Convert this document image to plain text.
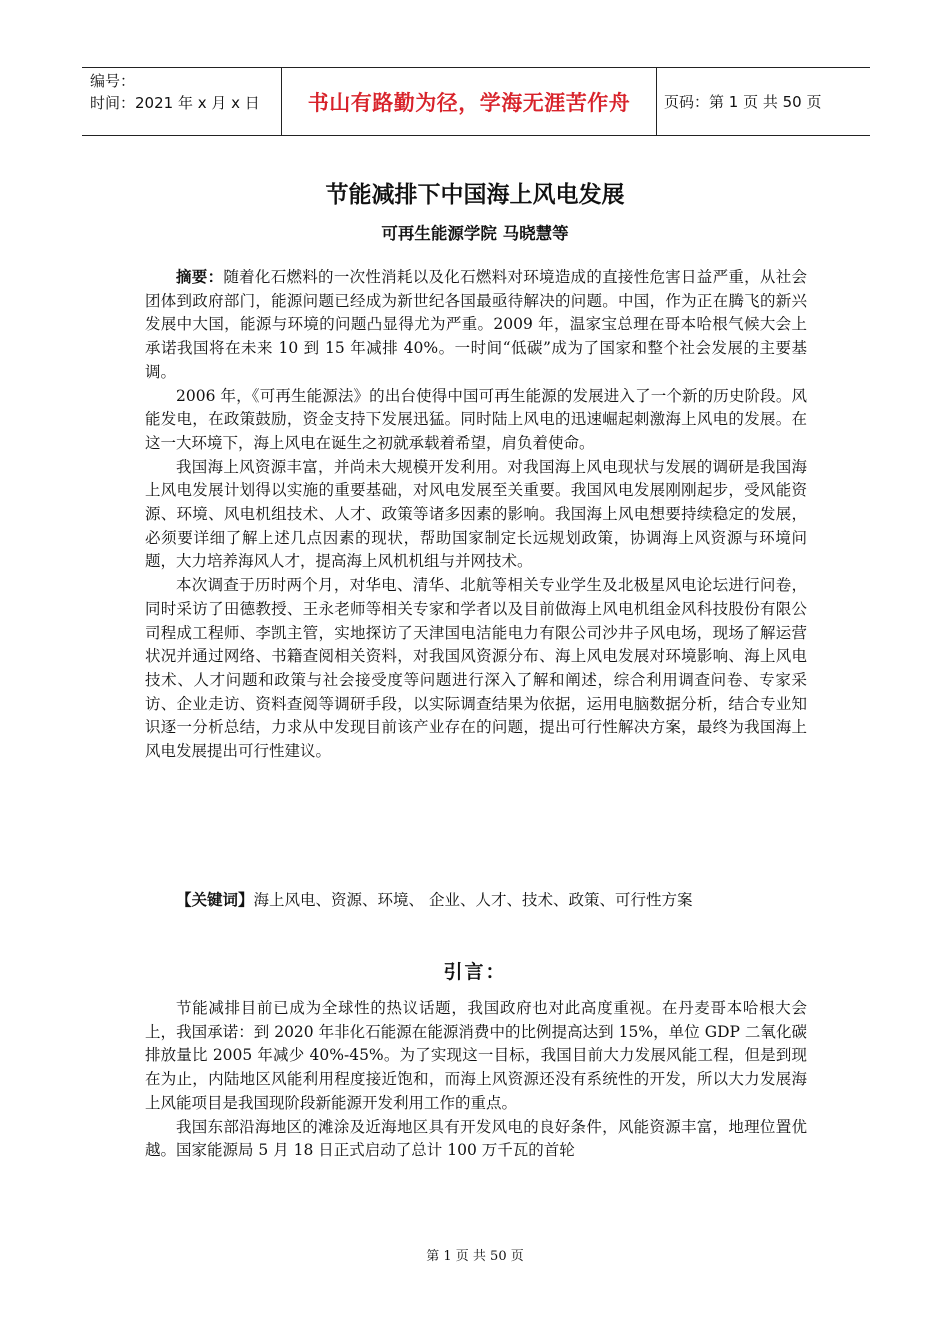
编号：
时间：2021 年 x 月 x 日	书山有路勤为径，学海无涯苦作舟 页码：第 1 页 共 50 页
节能减排下中国海上风电发展
可再生能源学院 马晓慧等

摘要：随着化石燃料的一次性消耗以及化石燃料对环境造成的直接性危害日益严重，从社会团体到政府部门，能源问题已经成为新世纪各国最亟待解决的问题。中国，作为正在腾飞的新兴发展中大国，能源与环境的问题凸显得尤为严重。2009 年，温家宝总理在哥本哈根气候大会上承诺我国将在未来 10 到 15 年减排 40%。一时间“低碳”成为了国家和整个社会发展的主要基调。

2006 年，《可再生能源法》的出台使得中国可再生能源的发展进入了一个新的历史阶段。风能发电，在政策鼓励，资金支持下发展迅猛。同时陆上风电的迅速崛起刺激海上风电的发展。在这一大环境下，海上风电在诞生之初就承载着希望，肩负着使命。

我国海上风资源丰富，并尚未大规模开发利用。对我国海上风电现状与发展的调研是我国海上风电发展计划得以实施的重要基础，对风电发展至关重要。我国风电发展刚刚起步，受风能资源、环境、风电机组技术、人才、政策等诸多因素的影响。我国海上风电想要持续稳定的发展，必须要详细了解上述几点因素的现状，帮助国家制定长远规划政策，协调海上风资源与环境问题，大力培养海风人才，提高海上风机机组与并网技术。

本次调查于历时两个月，对华电、清华、北航等相关专业学生及北极星风电论坛进行问卷，同时采访了田德教授、王永老师等相关专家和学者以及目前做海上风电机组金风科技股份有限公司程成工程师、李凯主管，实地探访了天津国电洁能电力有限公司沙井子风电场，现场了解运营状况并通过网络、书籍查阅相关资料，对我国风资源分布、海上风电发展对环境影响、海上风电技术、人才问题和政策与社会接受度等问题进行深入了解和阐述，综合利用调查问卷、专家采访、企业走访、资料查阅等调研手段，以实际调查结果为依据，运用电脑数据分析，结合专业知识逐一分析总结，力求从中发现目前该产业存在的问题，提出可行性解决方案，最终为我国海上风电发展提出可行性建议。

【关键词】海上风电、资源、环境、 企业、人才、技术、政策、可行性方案

引言：

节能减排目前已成为全球性的热议话题，我国政府也对此高度重视。在丹麦哥本哈根大会上，我国承诺：到 2020 年非化石能源在能源消费中的比例提高达到 15%，单位 GDP 二氧化碳排放量比 2005 年减少 40%-45%。为了实现这一目标，我国目前大力发展风能工程，但是到现在为止，内陆地区风能利用程度接近饱和，而海上风资源还没有系统性的开发，所以大力发展海上风能项目是我国现阶段新能源开发利用工作的重点。

我国东部沿海地区的滩涂及近海地区具有开发风电的良好条件，风能资源丰富，地理位置优越。国家能源局 5 月 18 日正式启动了总计 100 万千瓦的首轮

第 1 页 共 50 页
